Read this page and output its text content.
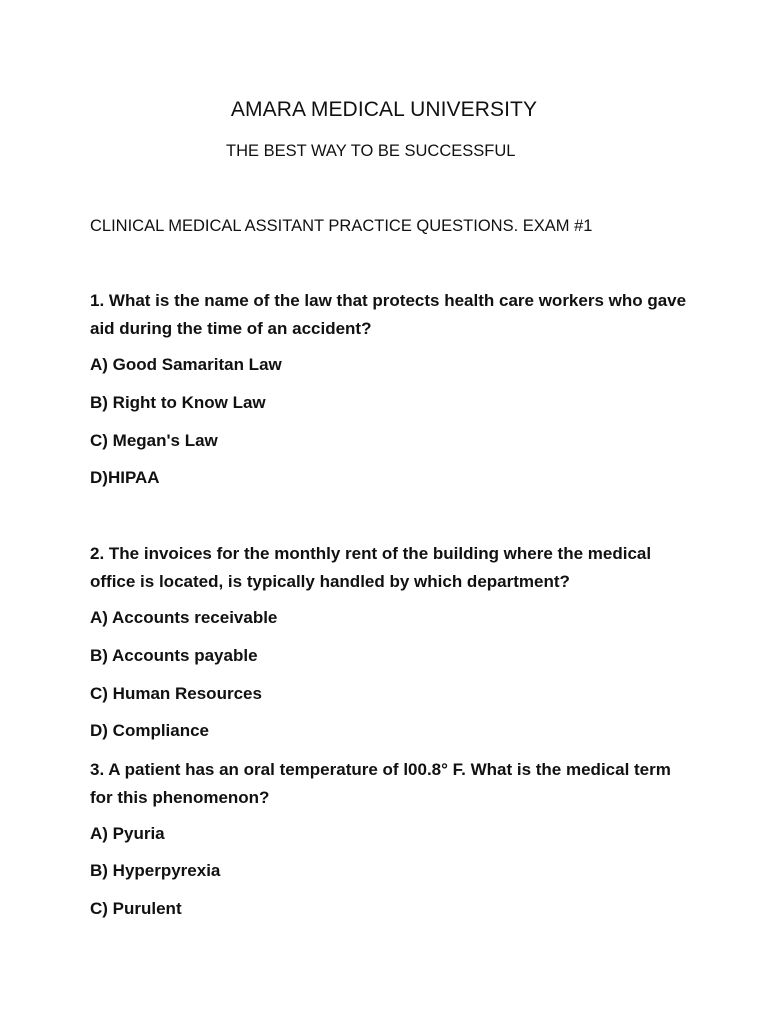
AMARA MEDICAL UNIVERSITY
THE BEST WAY TO BE SUCCESSFUL
CLINICAL MEDICAL ASSITANT PRACTICE QUESTIONS. EXAM #1
1. What is the name of the law that protects health care workers who gave aid during the time of an accident?
A) Good Samaritan Law
B) Right to Know Law
C) Megan's Law
D)HIPAA
2. The invoices for the monthly rent of the building where the medical office is located, is typically handled by which department?
A) Accounts receivable
B) Accounts payable
C) Human Resources
D) Compliance
3. A patient has an oral temperature of l00.8° F. What is the medical term for this phenomenon?
A) Pyuria
B) Hyperpyrexia
C) Purulent
